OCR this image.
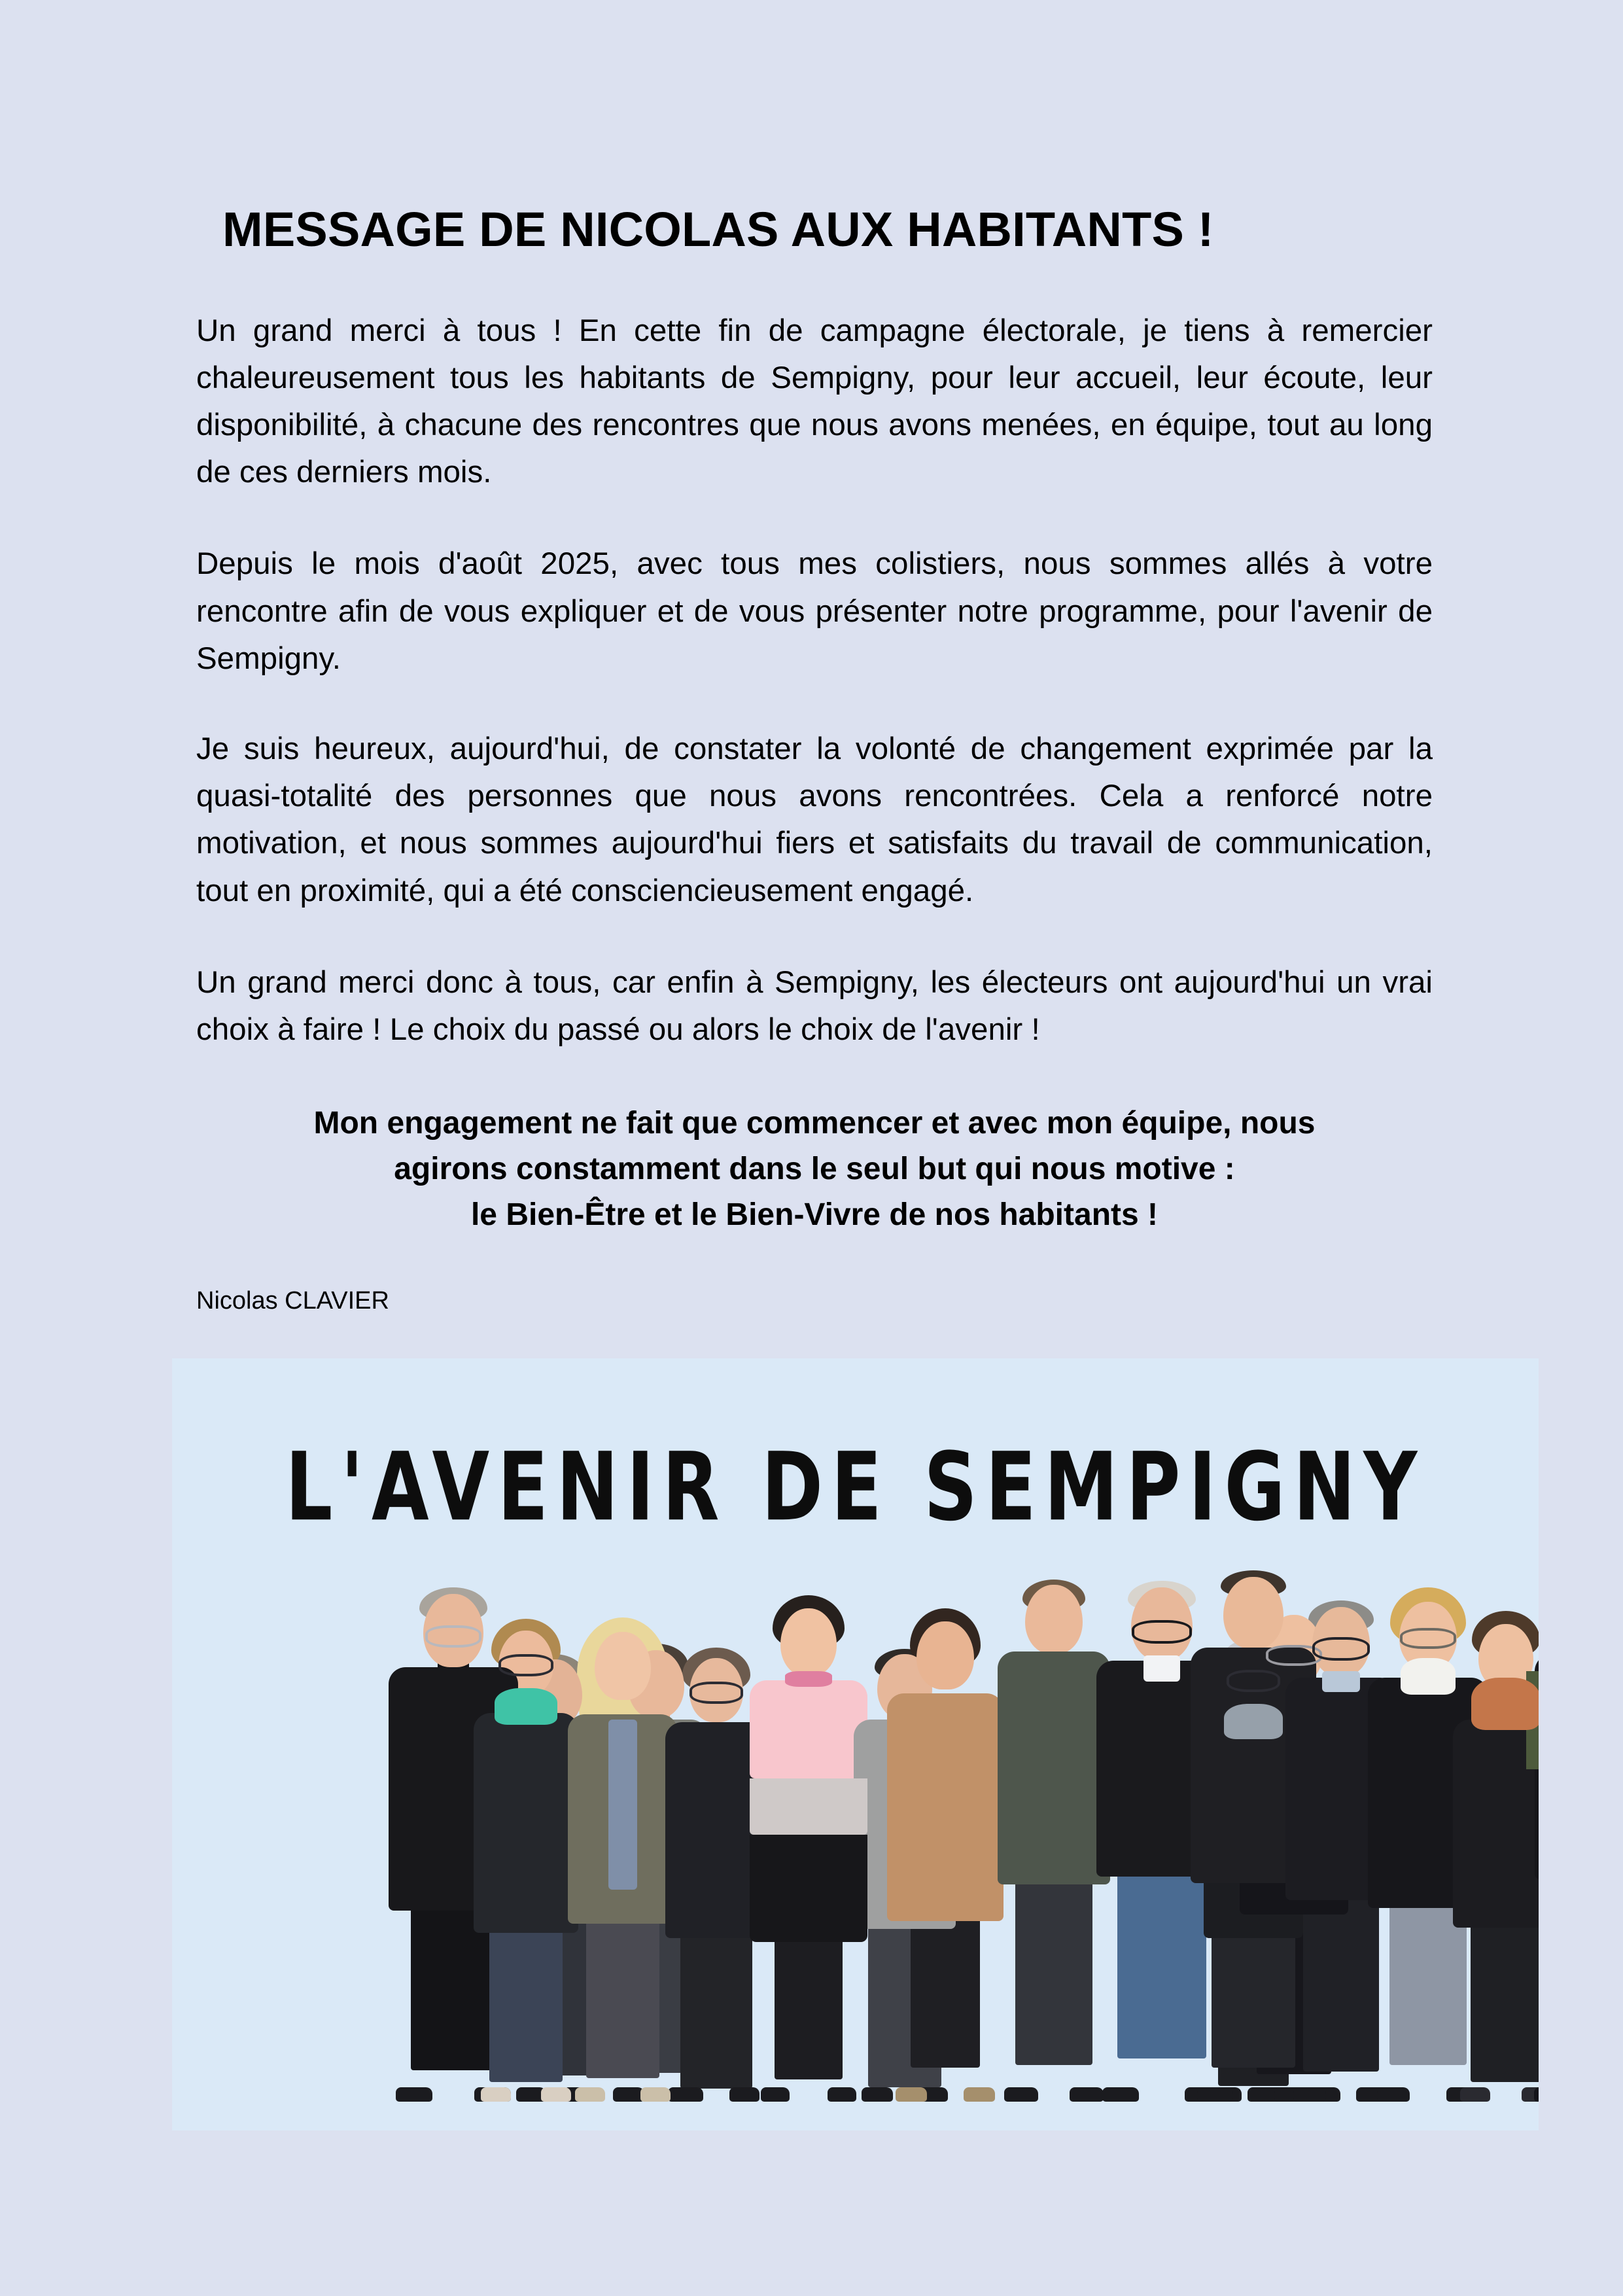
MESSAGE DE NICOLAS AUX HABITANTS !

Un grand merci à tous ! En cette fin de campagne électorale, je tiens à remercier chaleureusement tous les habitants de Sempigny, pour leur accueil, leur écoute, leur disponibilité, à chacune des rencontres que nous avons menées, en équipe, tout au long de ces derniers mois.

Depuis le mois d'août 2025, avec tous mes colistiers, nous sommes allés à votre rencontre afin de vous expliquer et de vous présenter notre programme, pour l'avenir de Sempigny.

Je suis heureux, aujourd'hui, de constater la volonté de changement exprimée par la quasi-totalité des personnes que nous avons rencontrées. Cela a renforcé notre motivation, et nous sommes aujourd'hui fiers et satisfaits du travail de communication, tout en proximité, qui a été consciencieusement engagé.

Un grand merci donc à tous, car enfin à Sempigny, les électeurs ont aujourd'hui un vrai choix à faire ! Le choix du passé ou alors le choix de l'avenir !

Mon engagement ne fait que commencer et avec mon équipe, nous
agirons constamment dans le seul but qui nous motive :
le Bien-Être et le Bien-Vivre de nos habitants !

Nicolas CLAVIER

L'AVENIR DE SEMPIGNY
